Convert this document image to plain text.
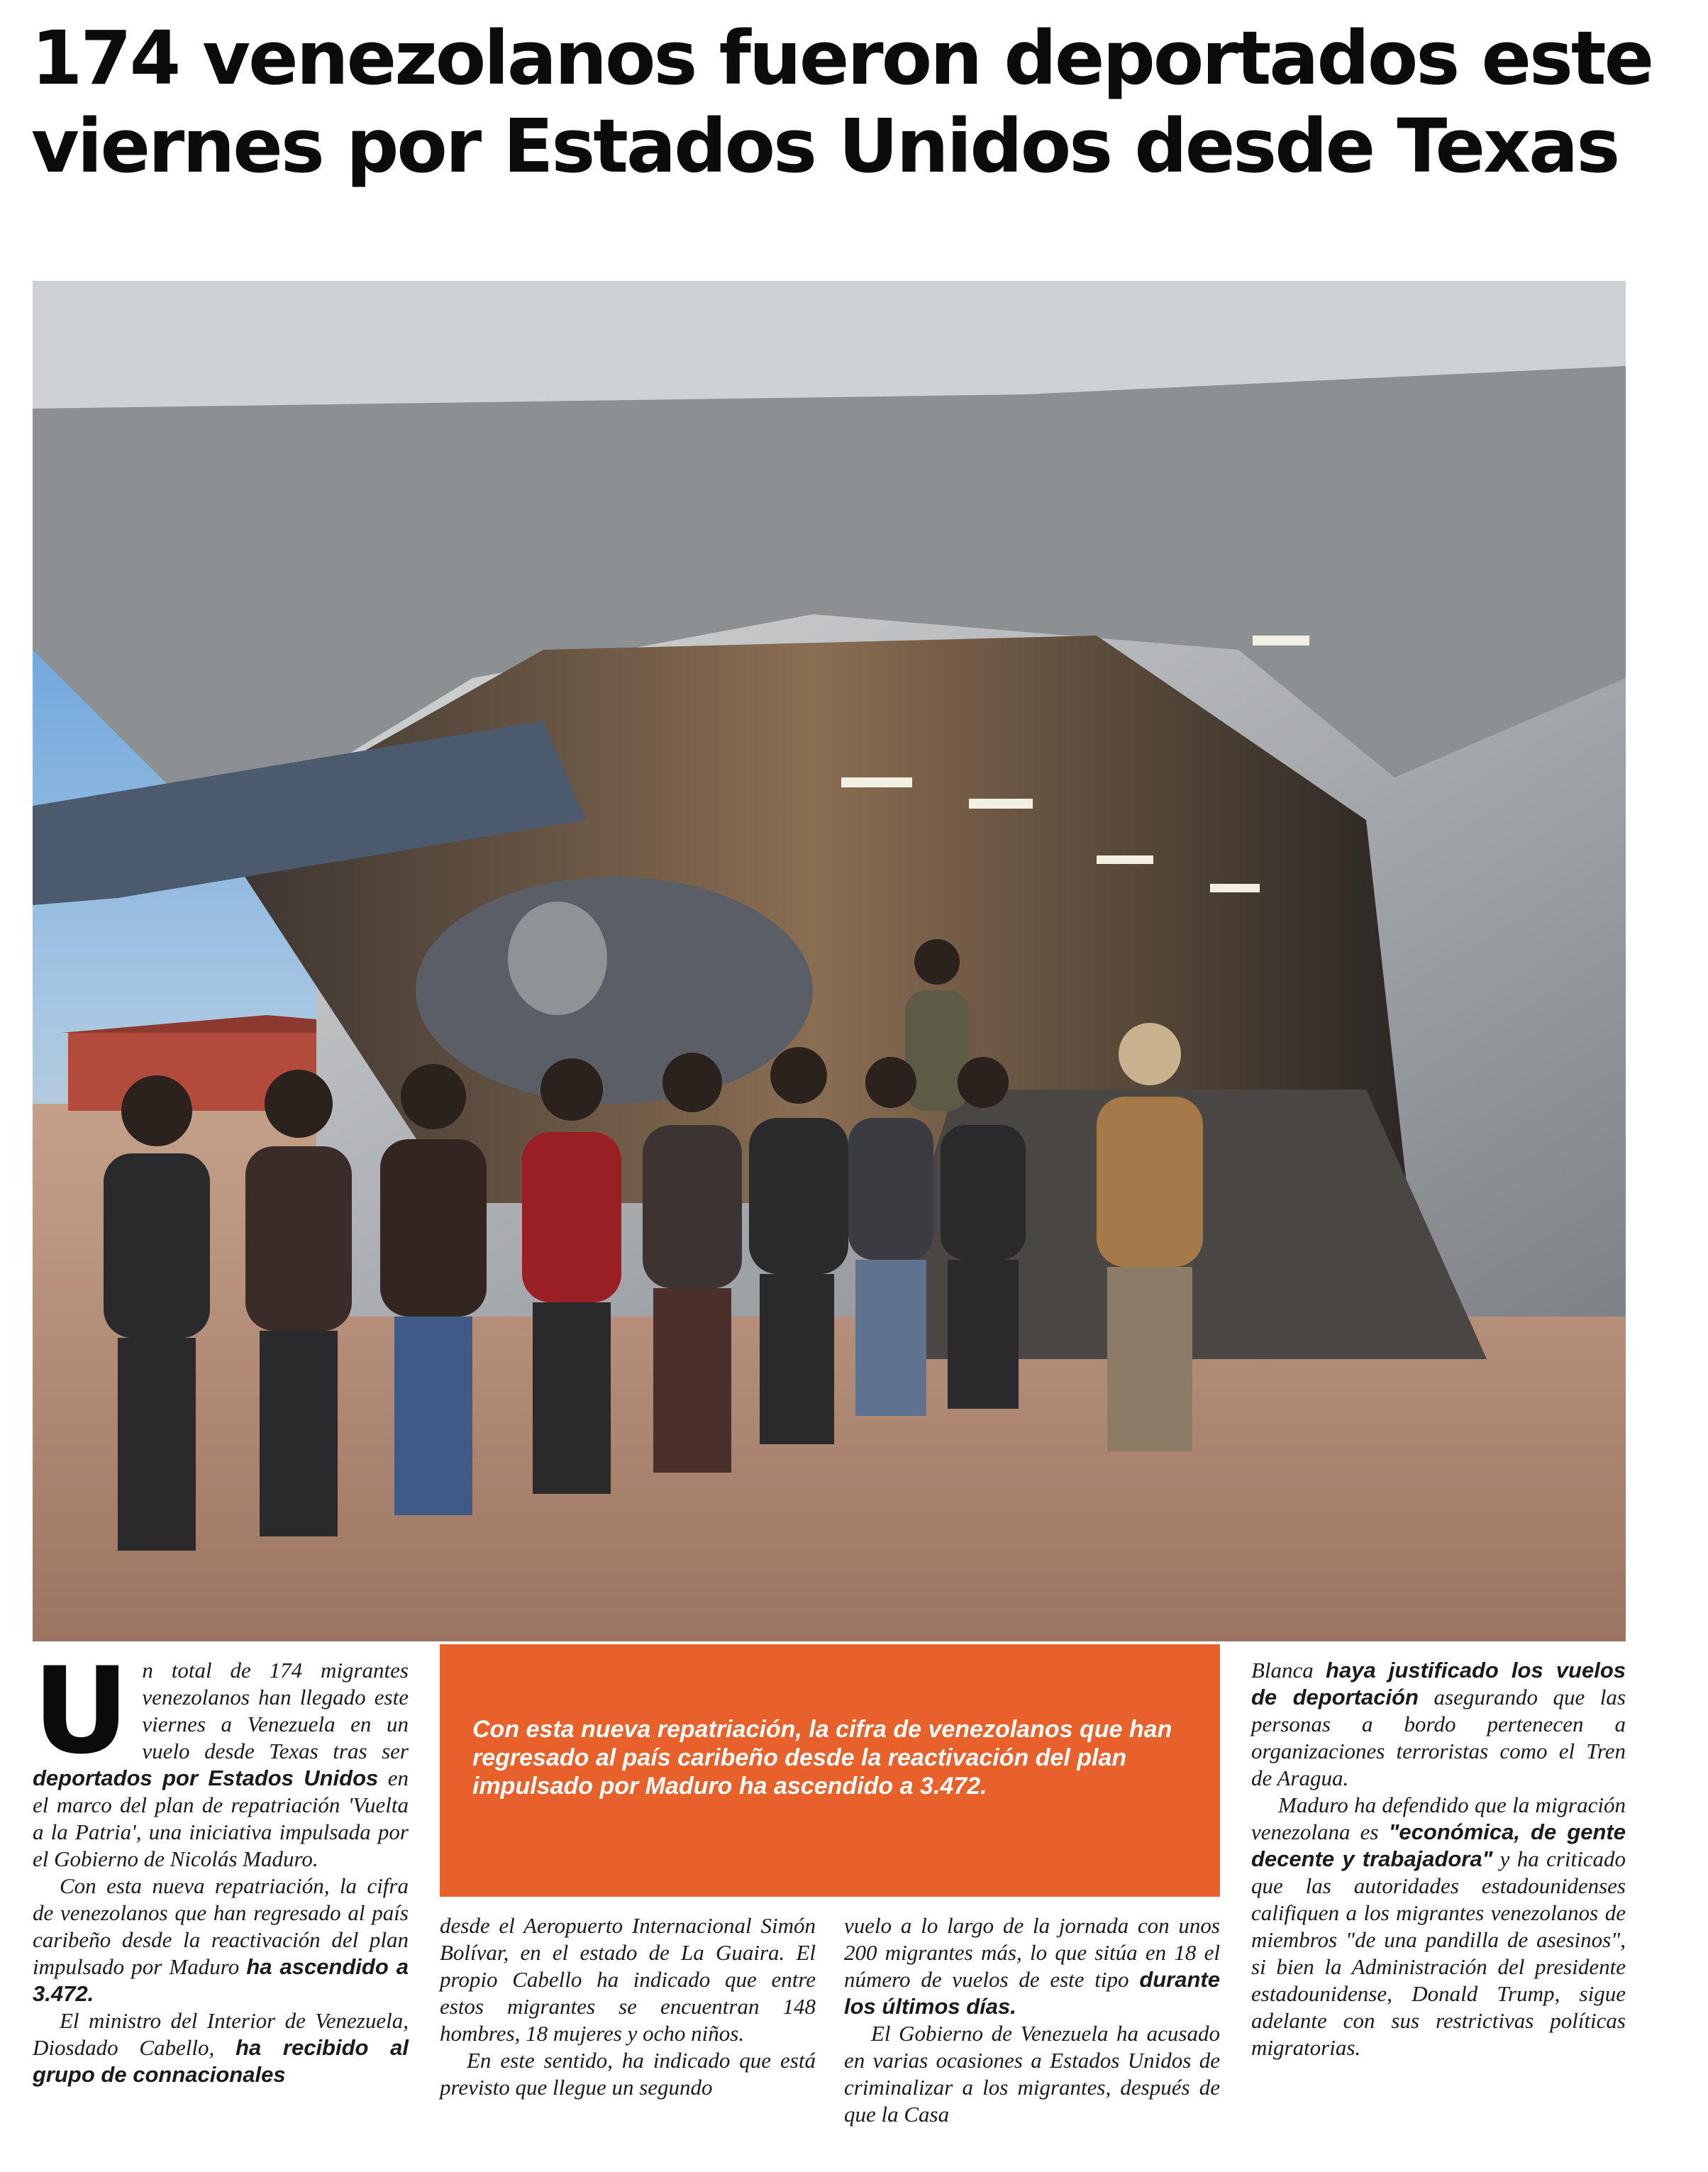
174 venezolanos fueron deportados este viernes por Estados Unidos desde Texas

Un total de 174 migrantes venezolanos han llegado este viernes a Venezuela en un vuelo desde Texas tras ser deportados por Estados Unidos en el marco del plan de repatriación 'Vuelta a la Patria', una iniciativa impulsada por el Gobierno de Nicolás Maduro.

Con esta nueva repatriación, la cifra de venezolanos que han regresado al país caribeño desde la reactivación del plan impulsado por Maduro ha ascendido a 3.472.

El ministro del Interior de Venezuela, Diosdado Cabello, ha recibido al grupo de connacionales

Con esta nueva repatriación, la cifra de venezolanos que han regresado al país caribeño desde la reactivación del plan impulsado por Maduro ha ascendido a 3.472.

desde el Aeropuerto Internacional Simón Bolívar, en el estado de La Guaira. El propio Cabello ha indicado que entre estos migrantes se encuentran 148 hombres, 18 mujeres y ocho niños.

En este sentido, ha indicado que está previsto que llegue un segundo

vuelo a lo largo de la jornada con unos 200 migrantes más, lo que sitúa en 18 el número de vuelos de este tipo durante los últimos días.

El Gobierno de Venezuela ha acusado en varias ocasiones a Estados Unidos de criminalizar a los migrantes, después de que la Casa

Blanca haya justificado los vuelos de deportación asegurando que las personas a bordo pertenecen a organizaciones terroristas como el Tren de Aragua.

Maduro ha defendido que la migración venezolana es "económica, de gente decente y trabajadora" y ha criticado que las autoridades estadounidenses califiquen a los migrantes venezolanos de miembros "de una pandilla de asesinos", si bien la Administración del presidente estadounidense, Donald Trump, sigue adelante con sus restrictivas políticas migratorias.
